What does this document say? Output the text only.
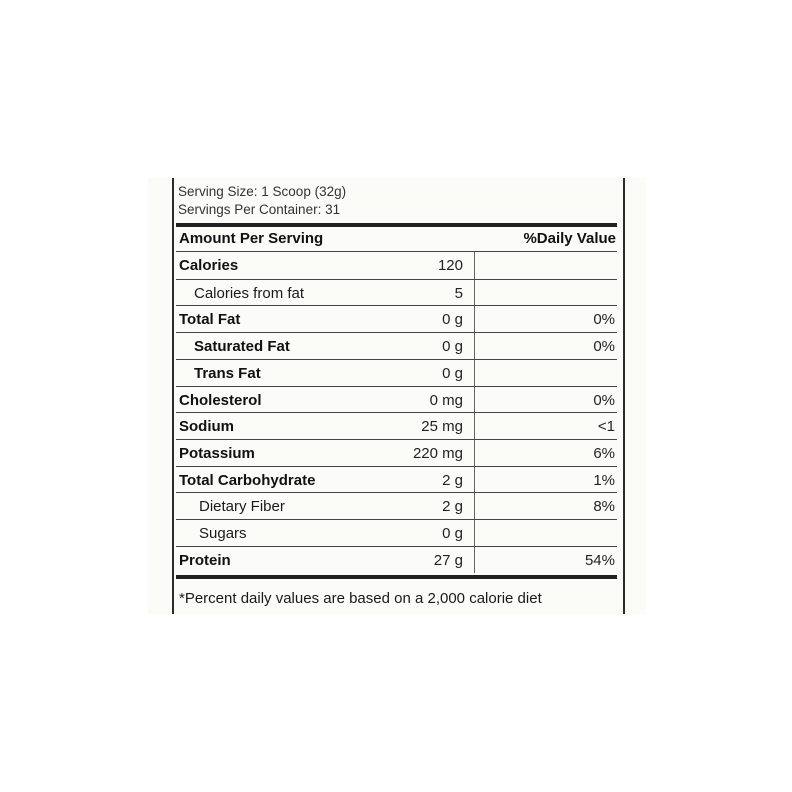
Serving Size: 1 Scoop (32g)
Servings Per Container: 31
Amount Per Serving	%Daily Value
Calories	120
Calories from fat	5
Total Fat	0 g	0%
Saturated Fat	0 g	0%
Trans Fat	0 g
Cholesterol	0 mg	0%
Sodium	25 mg	<1
Potassium	220 mg	6%
Total Carbohydrate	2 g	1%
Dietary Fiber	2 g	8%
Sugars	0 g
Protein	27 g	54%
*Percent daily values are based on a 2,000 calorie diet
